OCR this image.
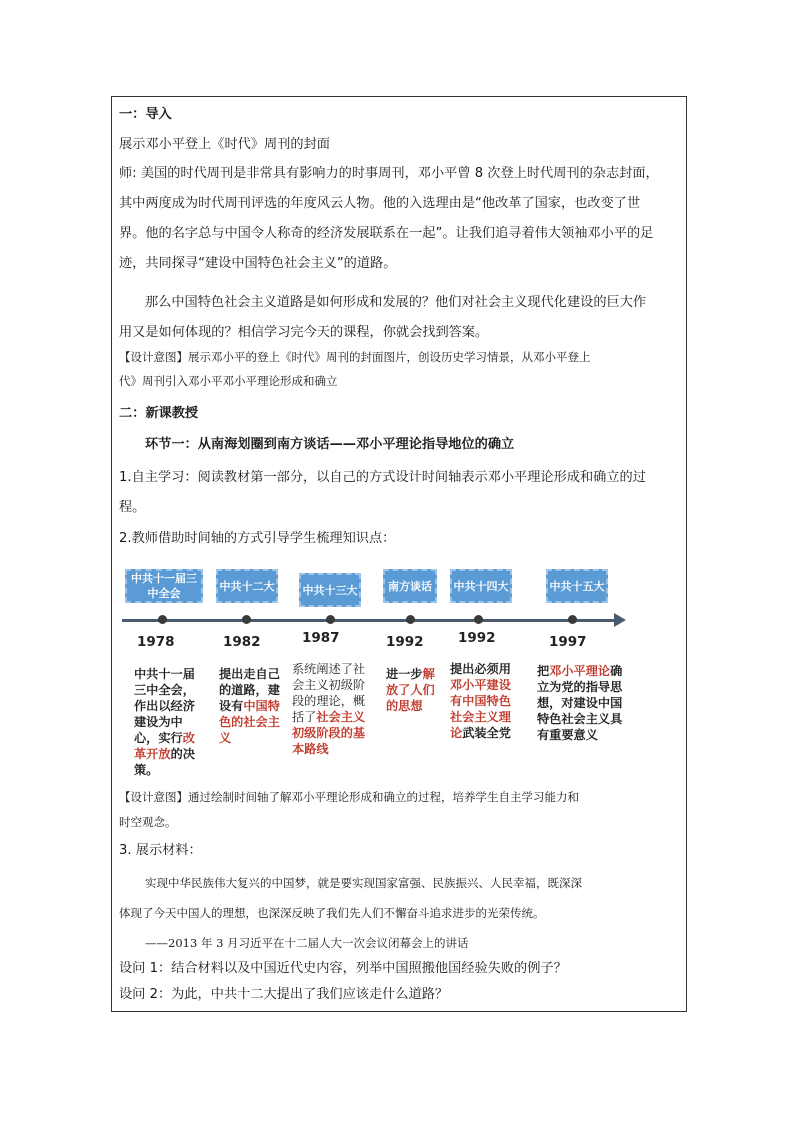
一：导入
展示邓小平登上《时代》周刊的封面
师: 美国的时代周刊是非常具有影响力的时事周刊，邓小平曾 8 次登上时代周刊的杂志封面，
其中两度成为时代周刊评选的年度风云人物。他的入选理由是“他改革了国家，也改变了世
界。他的名字总与中国令人称奇的经济发展联系在一起”。让我们追寻着伟大领袖邓小平的足
迹，共同探寻“建设中国特色社会主义”的道路。
那么中国特色社会主义道路是如何形成和发展的？他们对社会主义现代化建设的巨大作
用又是如何体现的？相信学习完今天的课程，你就会找到答案。
【设计意图】展示邓小平的登上《时代》周刊的封面图片，创设历史学习情景，从邓小平登上
代》周刊引入邓小平邓小平理论形成和确立
二：新课教授
环节一：从南海划圈到南方谈话——邓小平理论指导地位的确立
1.自主学习：阅读教材第一部分，以自己的方式设计时间轴表示邓小平理论形成和确立的过
程。
2.教师借助时间轴的方式引导学生梳理知识点：
中共十一届三中全会
1978
中共十二大
1982
中共十三大
1987
南方谈话
1992
中共十四大
1992
中共十五大
1997
中共十一届三中全会，作出以经济建设为中心，实行改革开放的决策。
提出走自己的道路，建设有中国特色的社会主义
系统阐述了社会主义初级阶段的理论，概括了社会主义初级阶段的基本路线
进一步解放了人们的思想
提出必须用邓小平建设有中国特色社会主义理论武装全党
把邓小平理论确立为党的指导思想，对建设中国特色社会主义具有重要意义
【设计意图】通过绘制时间轴了解邓小平理论形成和确立的过程，培养学生自主学习能力和
时空观念。
3. 展示材料：
实现中华民族伟大复兴的中国梦，就是要实现国家富强、民族振兴、人民幸福，既深深
体现了今天中国人的理想，也深深反映了我们先人们不懈奋斗追求进步的光荣传统。
——2013 年 3 月习近平在十二届人大一次会议闭幕会上的讲话
设问 1：结合材料以及中国近代史内容，列举中国照搬他国经验失败的例子？
设问 2：为此，中共十二大提出了我们应该走什么道路？
